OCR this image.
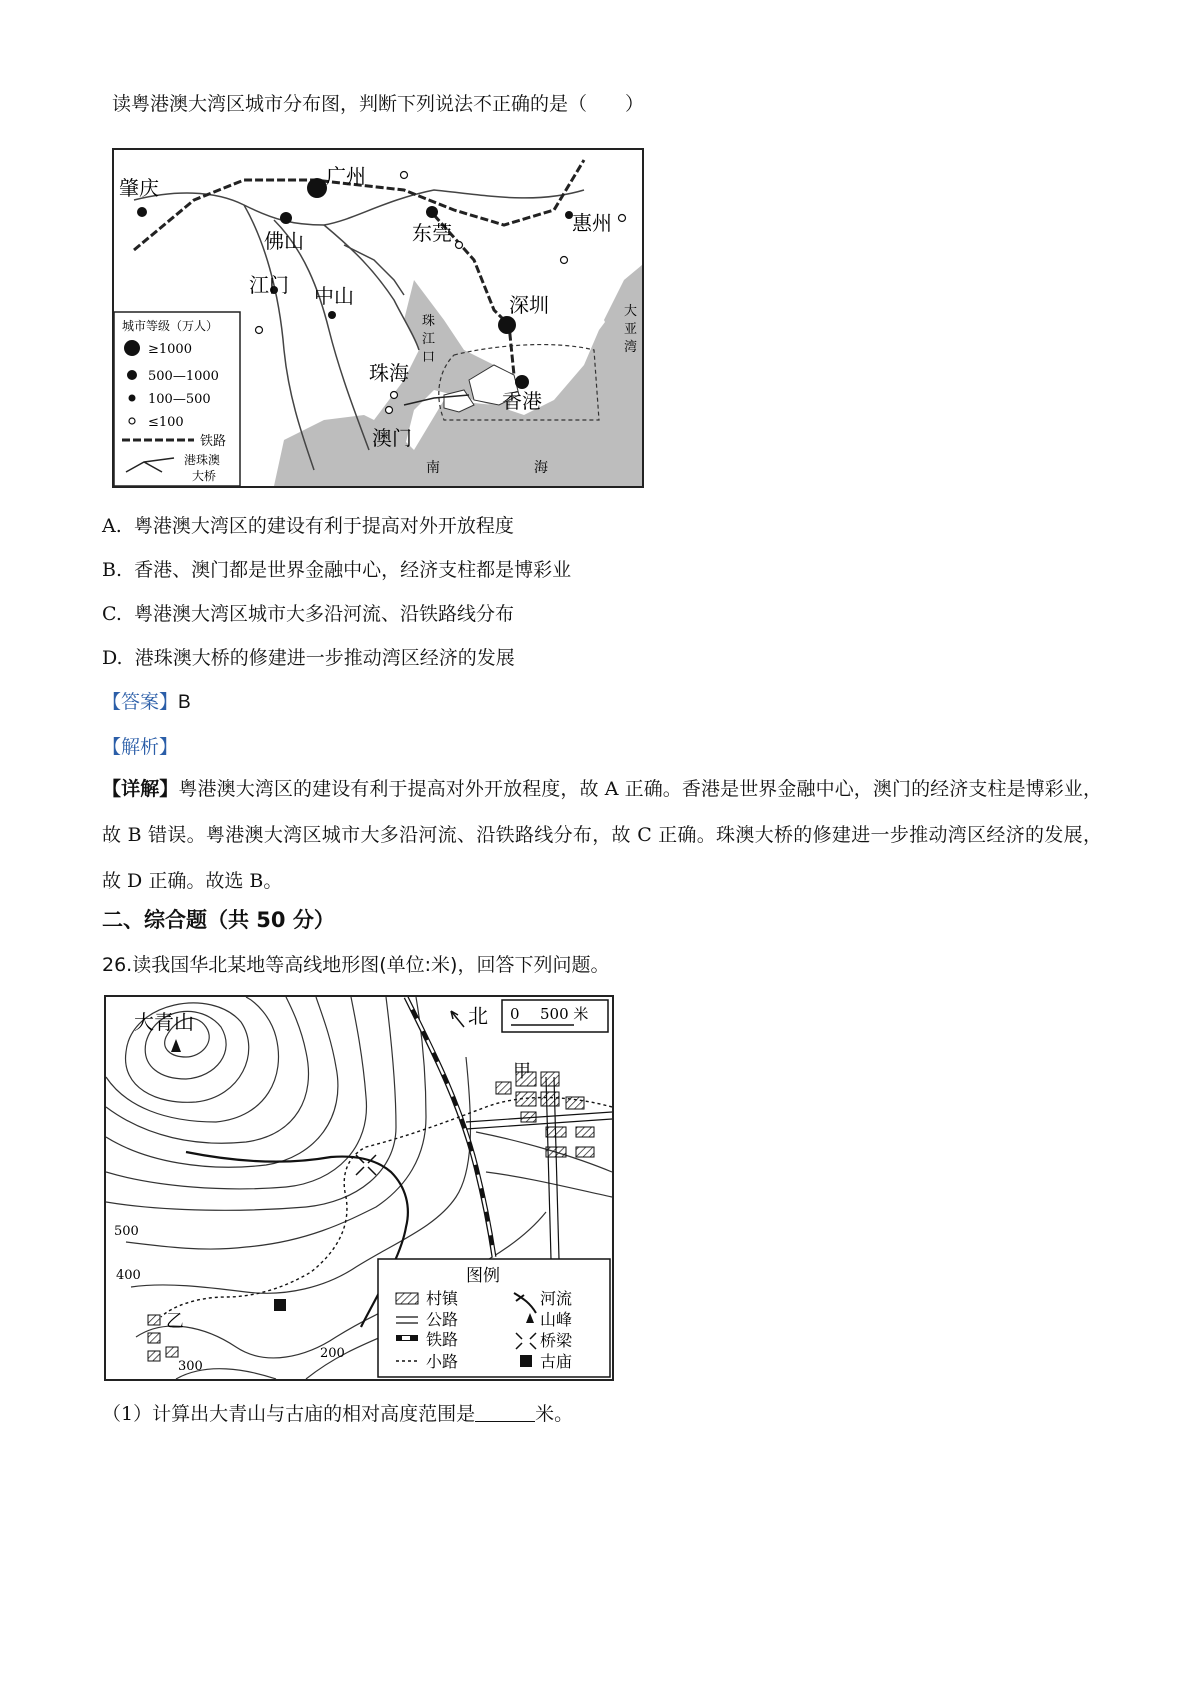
读粤港澳大湾区城市分布图，判断下列说法不正确的是（　　）
肇庆	广州
佛山	东莞	惠州
江门 中山	深圳
珠海
香港
澳门
珠
江
口
大
亚
湾
南	海
城市等级（万人）
≥1000
500—1000
100—500
≤100
铁路
港珠澳
大桥
A. 粤港澳大湾区的建设有利于提高对外开放程度
B. 香港、澳门都是世界金融中心，经济支柱都是博彩业
C. 粤港澳大湾区城市大多沿河流、沿铁路线分布
D. 港珠澳大桥的修建进一步推动湾区经济的发展
【答案】B
【解析】
【详解】粤港澳大湾区的建设有利于提高对外开放程度，故 A 正确。香港是世界金融中心，澳门的经济支柱是博彩业，故 B 错误。粤港澳大湾区城市大多沿河流、沿铁路线分布，故 C 正确。珠澳大桥的修建进一步推动湾区经济的发展，故 D 正确。故选 B。
二、综合题（共 50 分）
26.读我国华北某地等高线地形图(单位:米)，回答下列问题。
大青山	北 0 500 米
甲
乙
500
400
300
200
图例
村镇	河流
公路	山峰
铁路	桥梁
小路	古庙
（1）计算出大青山与古庙的相对高度范围是	米。
